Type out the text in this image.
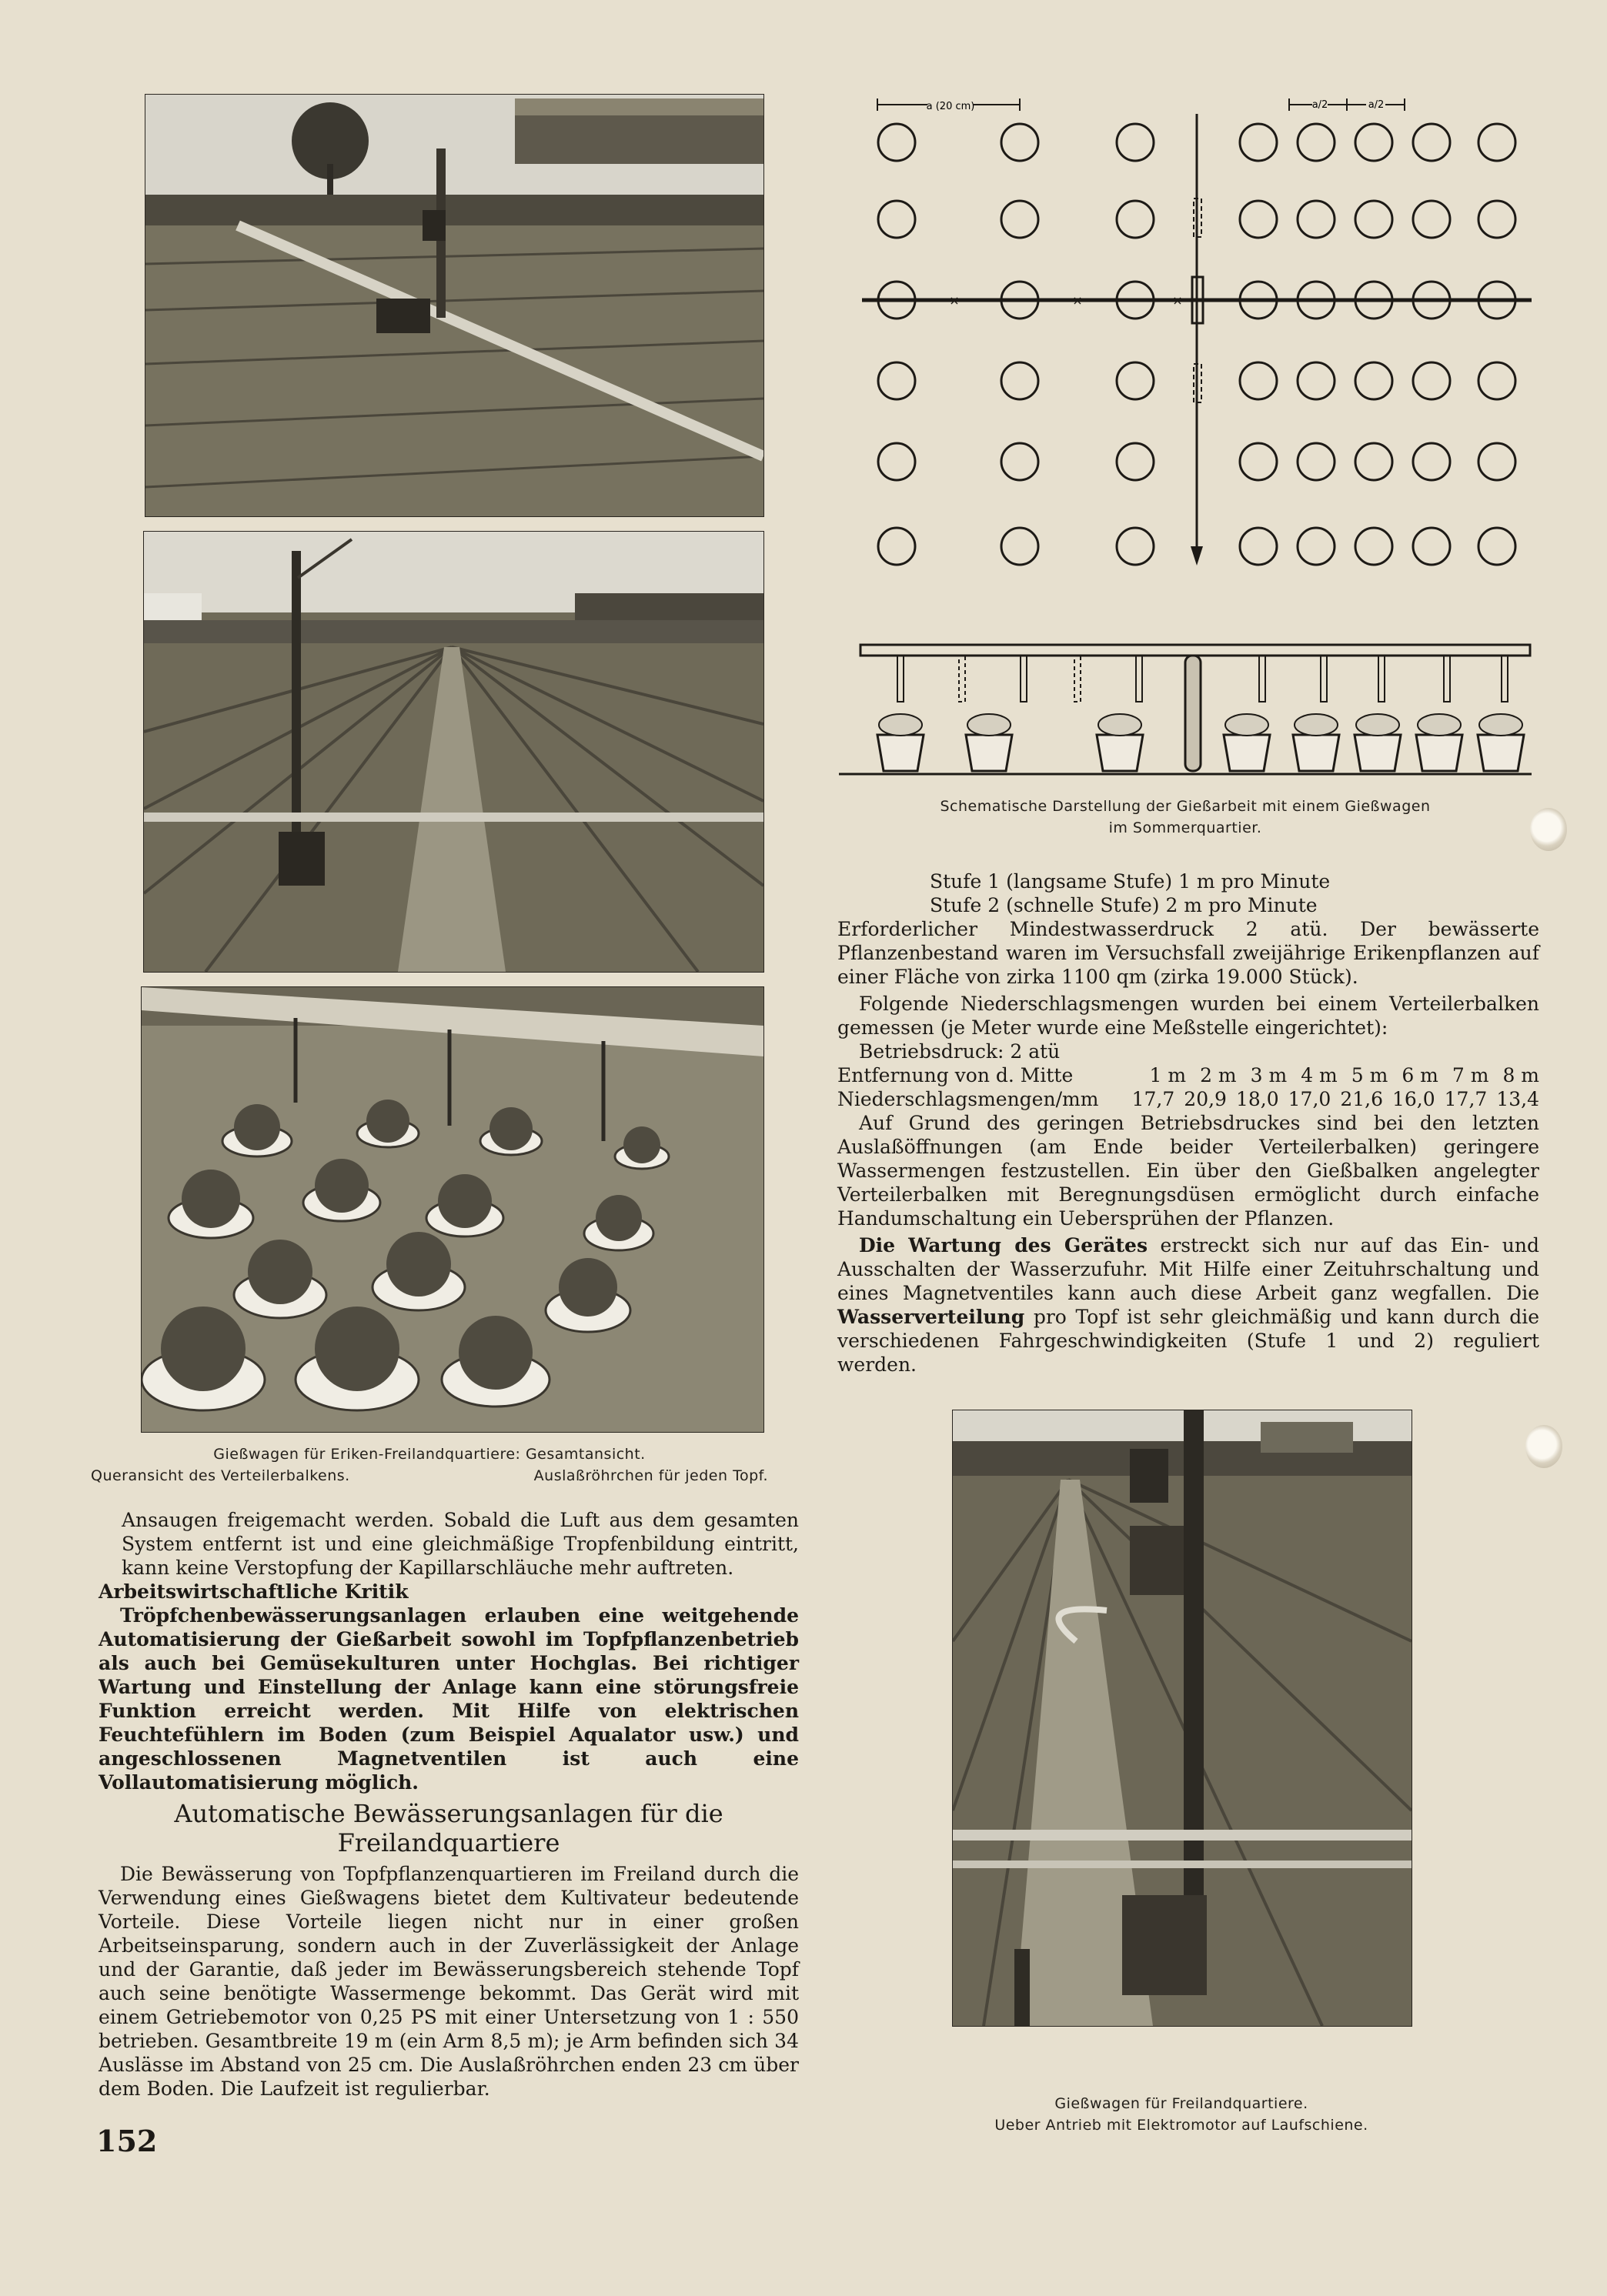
Gießwagen für Eriken-Freilandquartiere: Gesamtansicht.
Queransicht des Verteilerbalkens.	Auslaßröhrchen für jeden Topf.
a (20 cm)	a/2	a/2
×	×	×
Schematische Darstellung der Gießarbeit mit einem Gießwagen
im Sommerquartier.

Stufe 1 (langsame Stufe) 1 m pro Minute

Stufe 2 (schnelle Stufe) 2 m pro Minute

Erforderlicher Mindestwasserdruck 2 atü. Der bewässerte Pflanzenbestand waren im Versuchsfall zweijährige Erikenpflanzen auf einer Fläche von zirka 1100 qm (zirka 19.000 Stück).

Folgende Niederschlagsmengen wurden bei einem Verteilerbalken gemessen (je Meter wurde eine Meßstelle eingerichtet):

Betriebsdruck: 2 atü

Entfernung von d. Mitte	1 m 2 m 3 m 4 m 5 m 6 m 7 m 8 m
Niederschlagsmengen/mm 17,7 20,9 18,0 17,0 21,6 16,0 17,7 13,4

Auf Grund des geringen Betriebsdruckes sind bei den letzten Auslaßöffnungen (am Ende beider Verteilerbalken) geringere Wassermengen festzustellen. Ein über den Gießbalken angelegter Verteilerbalken mit Beregnungsdüsen ermöglicht durch einfache Handumschaltung ein Uebersprühen der Pflanzen.

Die Wartung des Gerätes erstreckt sich nur auf das Ein- und Ausschalten der Wasserzufuhr. Mit Hilfe einer Zeituhrschaltung und eines Magnetventiles kann auch diese Arbeit ganz wegfallen. Die Wasserverteilung pro Topf ist sehr gleichmäßig und kann durch die verschiedenen Fahrgeschwindigkeiten (Stufe 1 und 2) reguliert werden.

Gießwagen für Freilandquartiere.
Ueber Antrieb mit Elektromotor auf Laufschiene.

Ansaugen freigemacht werden. Sobald die Luft aus dem gesamten System entfernt ist und eine gleichmäßige Tropfenbildung eintritt, kann keine Verstopfung der Kapillarschläuche mehr auftreten.

Arbeitswirtschaftliche Kritik

Tröpfchenbewässerungsanlagen erlauben eine weitgehende Automatisierung der Gießarbeit sowohl im Topfpflanzenbetrieb als auch bei Gemüsekulturen unter Hochglas. Bei richtiger Wartung und Einstellung der Anlage kann eine störungsfreie Funktion erreicht werden. Mit Hilfe von elektrischen Feuchtefühlern im Boden (zum Beispiel Aqualator usw.) und angeschlossenen Magnetventilen ist auch eine Vollautomatisierung möglich.

Automatische Bewässerungsanlagen für die
Freilandquartiere

Die Bewässerung von Topfpflanzenquartieren im Freiland durch die Verwendung eines Gießwagens bietet dem Kultivateur bedeutende Vorteile. Diese Vorteile liegen nicht nur in einer großen Arbeitseinsparung, sondern auch in der Zuverlässigkeit der Anlage und der Garantie, daß jeder im Bewässerungsbereich stehende Topf auch seine benötigte Wassermenge bekommt. Das Gerät wird mit einem Getriebemotor von 0,25 PS mit einer Untersetzung von 1 : 550 betrieben. Gesamtbreite 19 m (ein Arm 8,5 m); je Arm befinden sich 34 Auslässe im Abstand von 25 cm. Die Auslaßröhrchen enden 23 cm über dem Boden. Die Laufzeit ist regulierbar.

152
